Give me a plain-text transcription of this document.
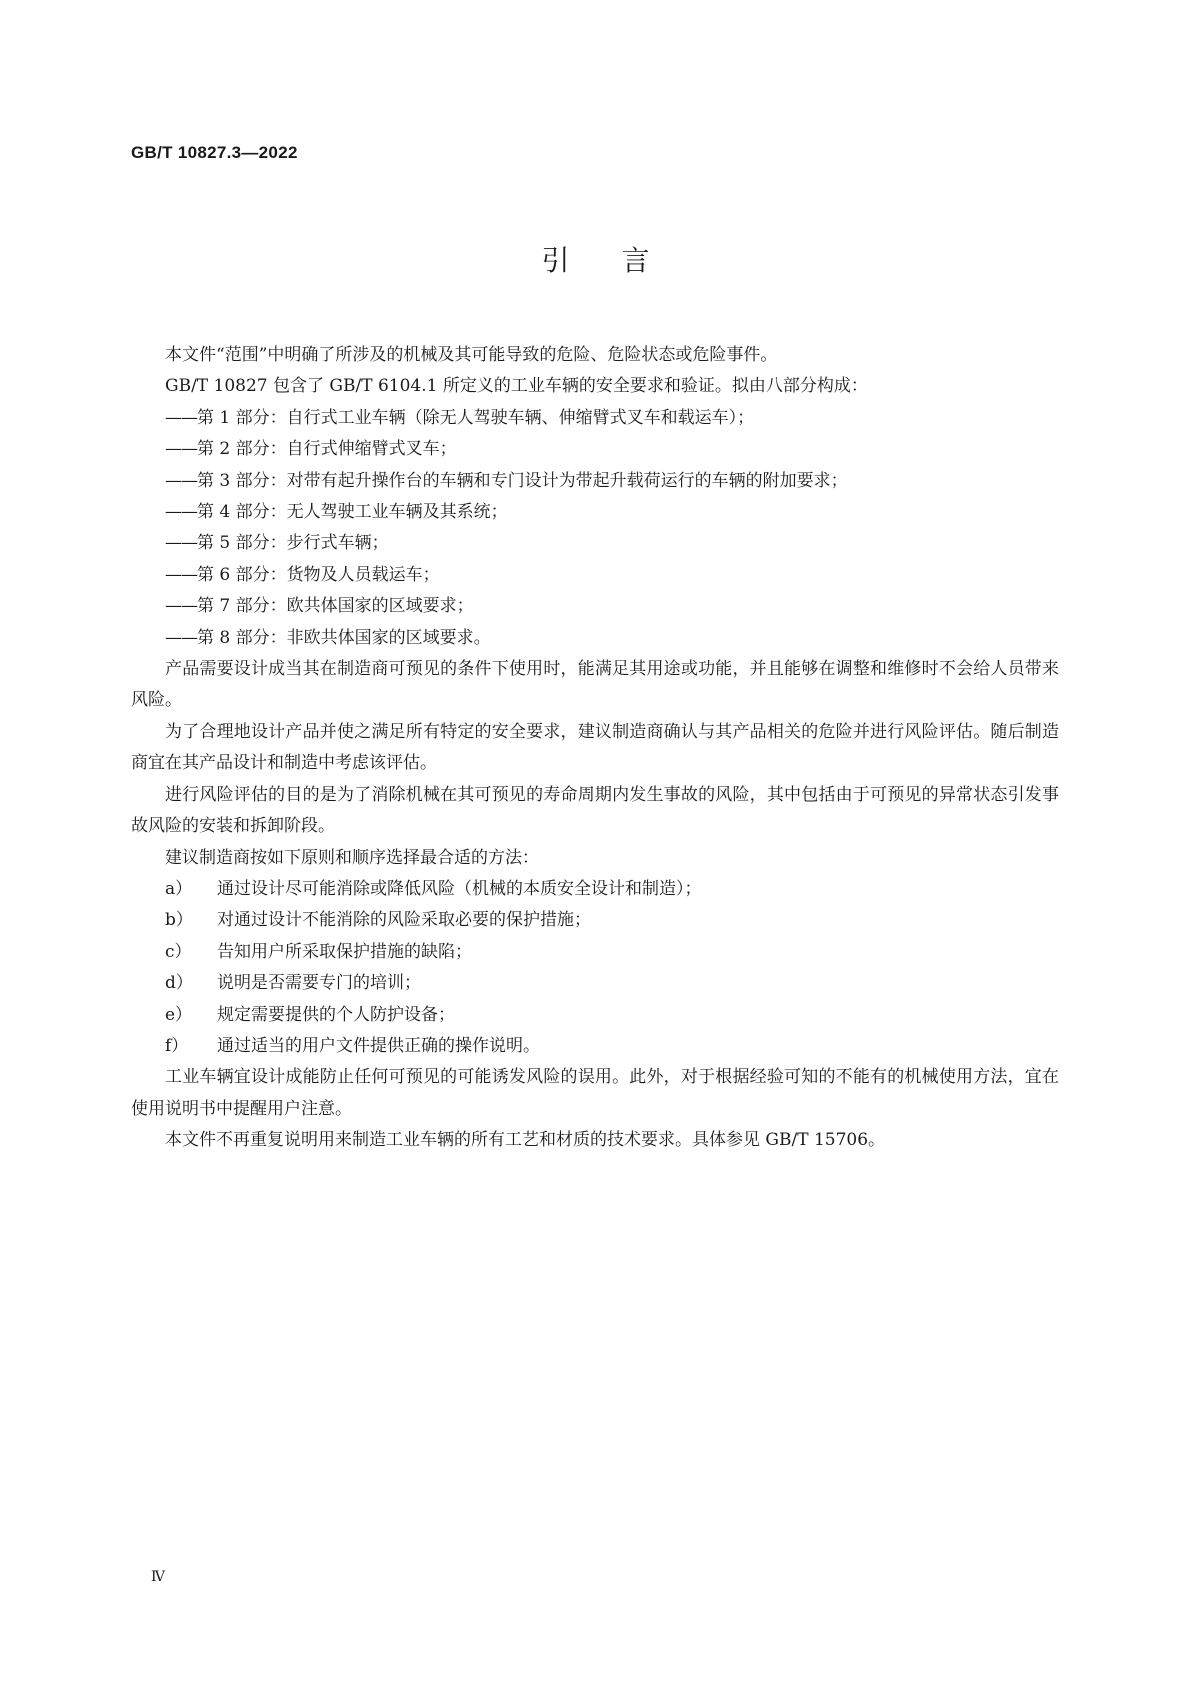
GB/T 10827.3—2022
引言

本文件“范围”中明确了所涉及的机械及其可能导致的危险、危险状态或危险事件。

GB/T 10827 包含了 GB/T 6104.1 所定义的工业车辆的安全要求和验证。拟由八部分构成：

——第 1 部分：自行式工业车辆（除无人驾驶车辆、伸缩臂式叉车和载运车）；

——第 2 部分：自行式伸缩臂式叉车；

——第 3 部分：对带有起升操作台的车辆和专门设计为带起升载荷运行的车辆的附加要求；

——第 4 部分：无人驾驶工业车辆及其系统；

——第 5 部分：步行式车辆；

——第 6 部分：货物及人员载运车；

——第 7 部分：欧共体国家的区域要求；

——第 8 部分：非欧共体国家的区域要求。

产品需要设计成当其在制造商可预见的条件下使用时，能满足其用途或功能，并且能够在调整和维修时不会给人员带来风险。

为了合理地设计产品并使之满足所有特定的安全要求，建议制造商确认与其产品相关的危险并进行风险评估。随后制造商宜在其产品设计和制造中考虑该评估。

进行风险评估的目的是为了消除机械在其可预见的寿命周期内发生事故的风险，其中包括由于可预见的异常状态引发事故风险的安装和拆卸阶段。

建议制造商按如下原则和顺序选择最合适的方法：

a） 通过设计尽可能消除或降低风险（机械的本质安全设计和制造）；

b） 对通过设计不能消除的风险采取必要的保护措施；

c） 告知用户所采取保护措施的缺陷；

d） 说明是否需要专门的培训；

e） 规定需要提供的个人防护设备；

f） 通过适当的用户文件提供正确的操作说明。

工业车辆宜设计成能防止任何可预见的可能诱发风险的误用。此外，对于根据经验可知的不能有的机械使用方法，宜在使用说明书中提醒用户注意。

本文件不再重复说明用来制造工业车辆的所有工艺和材质的技术要求。具体参见 GB/T 15706。

Ⅳ
